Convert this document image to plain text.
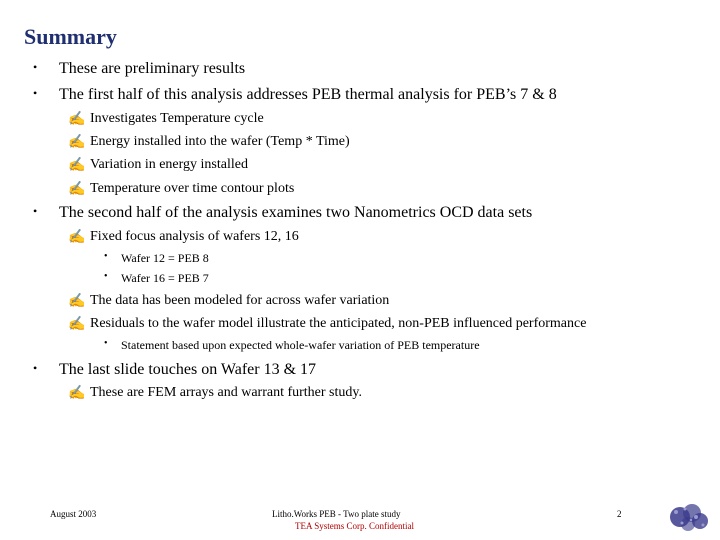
Summary
• These are preliminary results
• The first half of this analysis addresses PEB thermal analysis for PEB’s 7 & 8
✍ Investigates Temperature cycle
✍ Energy installed into the wafer (Temp * Time)
✍ Variation in energy installed
✍ Temperature over time contour plots
• The second half of the analysis examines two Nanometrics OCD data sets
✍ Fixed focus analysis of wafers 12, 16
• Wafer 12 = PEB 8
• Wafer 16 = PEB 7
✍ The data has been modeled for across wafer variation
✍ Residuals to the wafer model illustrate the anticipated, non-PEB influenced performance
• Statement based upon expected whole-wafer variation of PEB temperature
• The last slide touches on Wafer 13 & 17
✍ These are FEM arrays and warrant further study.
August 2003	Litho.Works PEB - Two plate study
TEA Systems Corp. Confidential
2
